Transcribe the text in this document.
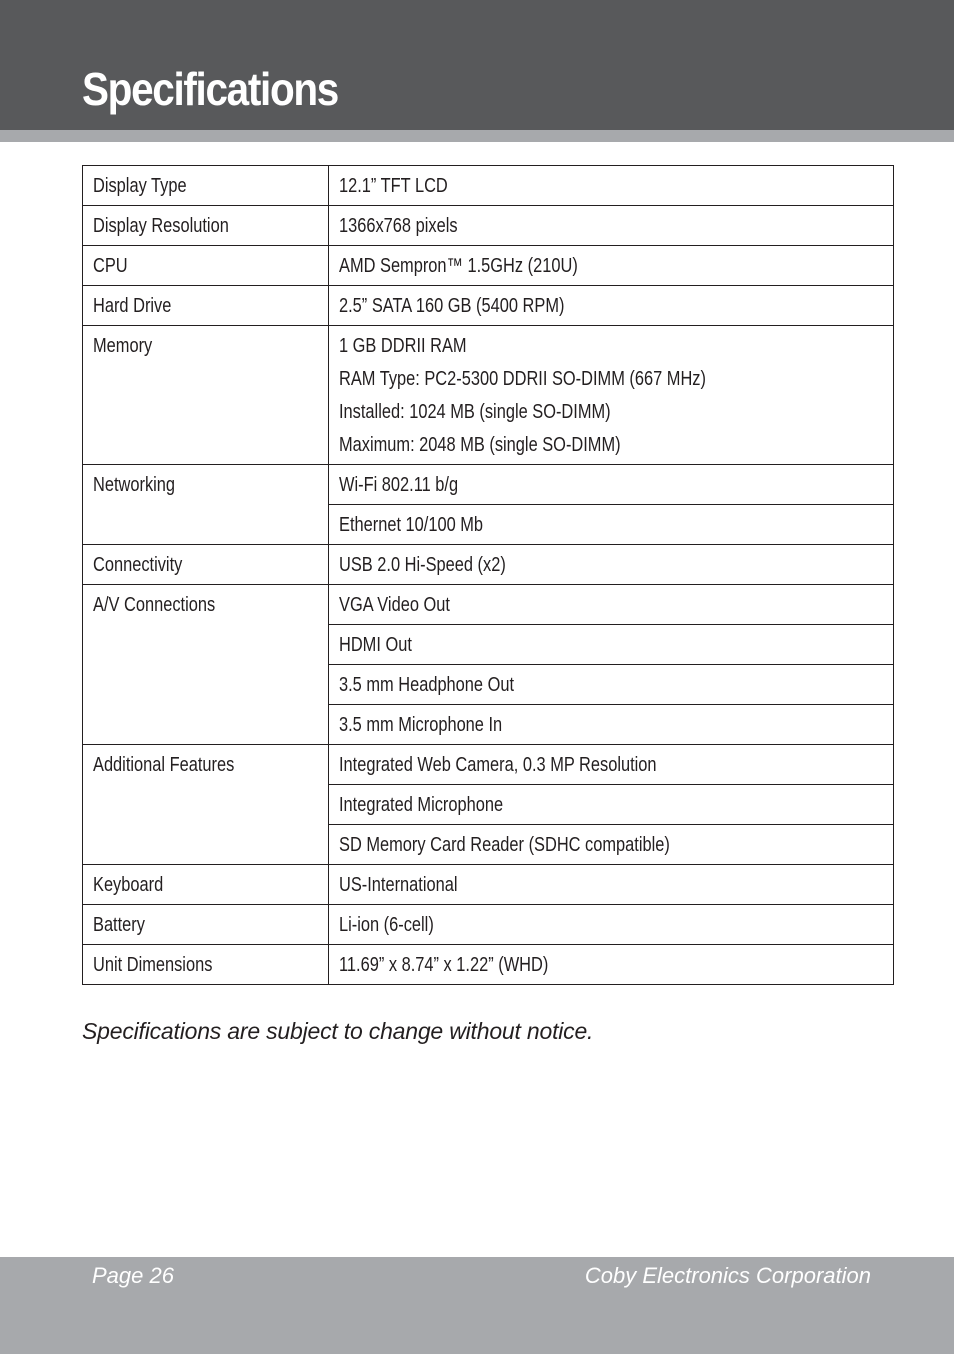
Specifications
Display Type	12.1” TFT LCD

Display Resolution	1366x768 pixels

CPU	AMD Sempron™ 1.5GHz (210U)

Hard Drive	2.5” SATA 160 GB (5400 RPM)

Memory	1 GB DDRII RAM
RAM Type: PC2-5300 DDRII SO-DIMM (667 MHz)
Installed: 1024 MB (single SO-DIMM)
Maximum: 2048 MB (single SO-DIMM)

Networking	Wi-Fi 802.11 b/g

	Ethernet 10/100 Mb

Connectivity	USB 2.0 Hi-Speed (x2)

A/V Connections	VGA Video Out

	HDMI Out

	3.5 mm Headphone Out

	3.5 mm Microphone In

Additional Features	Integrated Web Camera, 0.3 MP Resolution

	Integrated Microphone

	SD Memory Card Reader (SDHC compatible)

Keyboard	US-International

Battery	Li-ion (6-cell)

Unit Dimensions	11.69” x 8.74” x 1.22” (WHD)

Specifications are subject to change without notice.

Page 26	Coby Electronics Corporation
